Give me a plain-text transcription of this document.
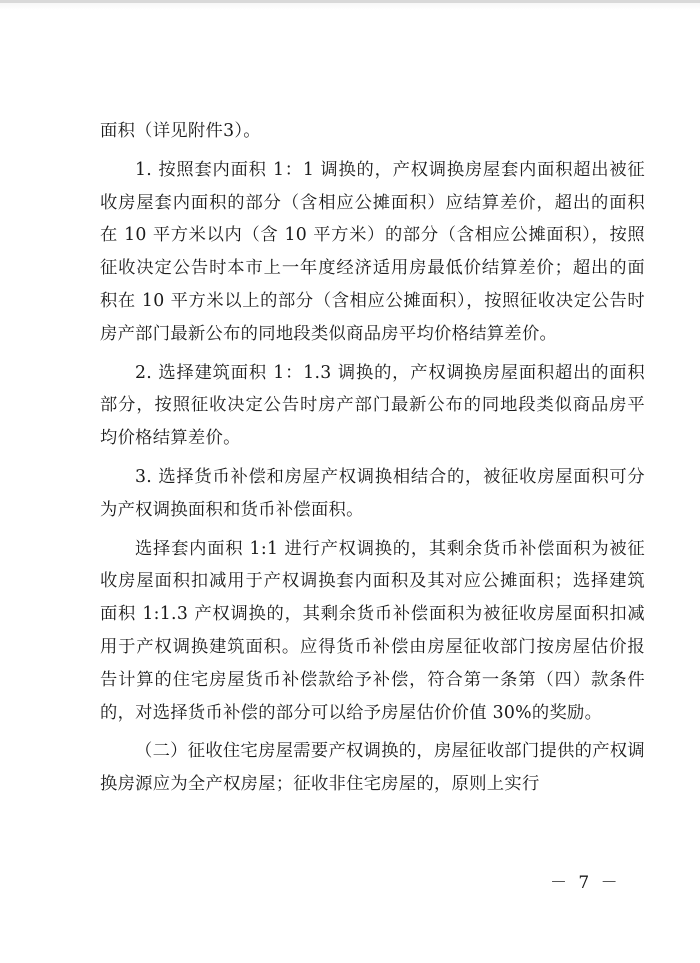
面积（详见附件3）。

1. 按照套内面积 1：1 调换的，产权调换房屋套内面积超出被征收房屋套内面积的部分（含相应公摊面积）应结算差价，超出的面积在 10 平方米以内（含 10 平方米）的部分（含相应公摊面积），按照征收决定公告时本市上一年度经济适用房最低价结算差价；超出的面积在 10 平方米以上的部分（含相应公摊面积），按照征收决定公告时房产部门最新公布的同地段类似商品房平均价格结算差价。

2. 选择建筑面积 1：1.3 调换的，产权调换房屋面积超出的面积部分，按照征收决定公告时房产部门最新公布的同地段类似商品房平均价格结算差价。

3. 选择货币补偿和房屋产权调换相结合的，被征收房屋面积可分为产权调换面积和货币补偿面积。

选择套内面积 1:1 进行产权调换的，其剩余货币补偿面积为被征收房屋面积扣减用于产权调换套内面积及其对应公摊面积；选择建筑面积 1:1.3 产权调换的，其剩余货币补偿面积为被征收房屋面积扣减用于产权调换建筑面积。应得货币补偿由房屋征收部门按房屋估价报告计算的住宅房屋货币补偿款给予补偿，符合第一条第（四）款条件的，对选择货币补偿的部分可以给予房屋估价价值 30%的奖励。

（二）征收住宅房屋需要产权调换的，房屋征收部门提供的产权调换房源应为全产权房屋；征收非住宅房屋的，原则上实行

－ 7 －
